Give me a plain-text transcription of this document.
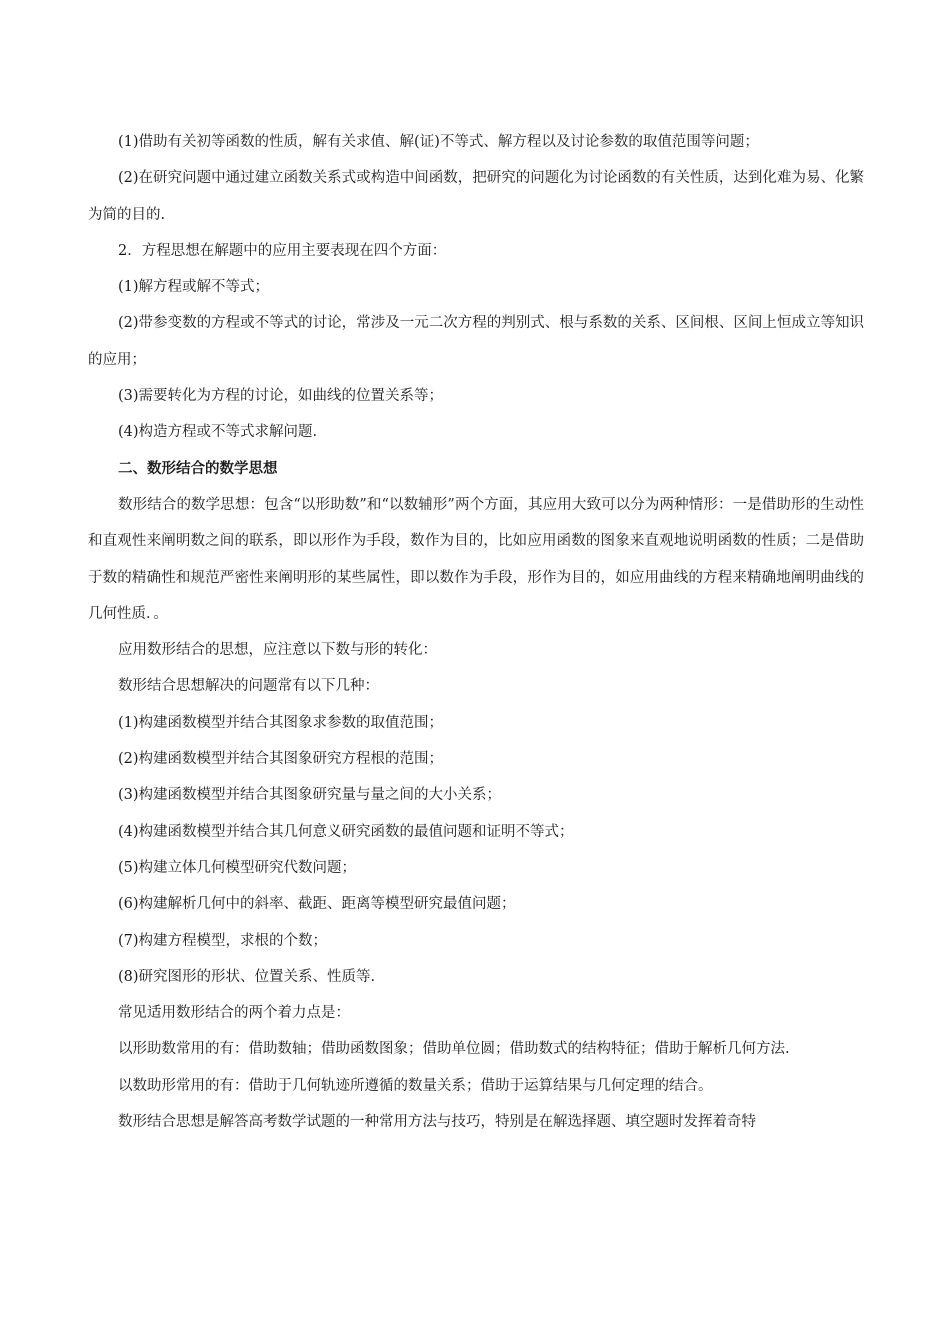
(1)借助有关初等函数的性质，解有关求值、解(证)不等式、解方程以及讨论参数的取值范围等问题；

(2)在研究问题中通过建立函数关系式或构造中间函数，把研究的问题化为讨论函数的有关性质，达到化难为易、化繁为简的目的.

2．方程思想在解题中的应用主要表现在四个方面：

(1)解方程或解不等式；

(2)带参变数的方程或不等式的讨论，常涉及一元二次方程的判别式、根与系数的关系、区间根、区间上恒成立等知识的应用；

(3)需要转化为方程的讨论，如曲线的位置关系等；

(4)构造方程或不等式求解问题.

二、数形结合的数学思想

数形结合的数学思想：包含“以形助数”和“以数辅形”两个方面，其应用大致可以分为两种情形：一是借助形的生动性和直观性来阐明数之间的联系，即以形作为手段，数作为目的，比如应用函数的图象来直观地说明函数的性质；二是借助于数的精确性和规范严密性来阐明形的某些属性，即以数作为手段，形作为目的，如应用曲线的方程来精确地阐明曲线的几何性质．。

应用数形结合的思想，应注意以下数与形的转化：

数形结合思想解决的问题常有以下几种：

(1)构建函数模型并结合其图象求参数的取值范围；

(2)构建函数模型并结合其图象研究方程根的范围；

(3)构建函数模型并结合其图象研究量与量之间的大小关系；

(4)构建函数模型并结合其几何意义研究函数的最值问题和证明不等式；

(5)构建立体几何模型研究代数问题；

(6)构建解析几何中的斜率、截距、距离等模型研究最值问题；

(7)构建方程模型，求根的个数；

(8)研究图形的形状、位置关系、性质等.

常见适用数形结合的两个着力点是：

以形助数常用的有：借助数轴；借助函数图象；借助单位圆；借助数式的结构特征；借助于解析几何方法.

以数助形常用的有：借助于几何轨迹所遵循的数量关系；借助于运算结果与几何定理的结合。

数形结合思想是解答高考数学试题的一种常用方法与技巧，特别是在解选择题、填空题时发挥着奇特
